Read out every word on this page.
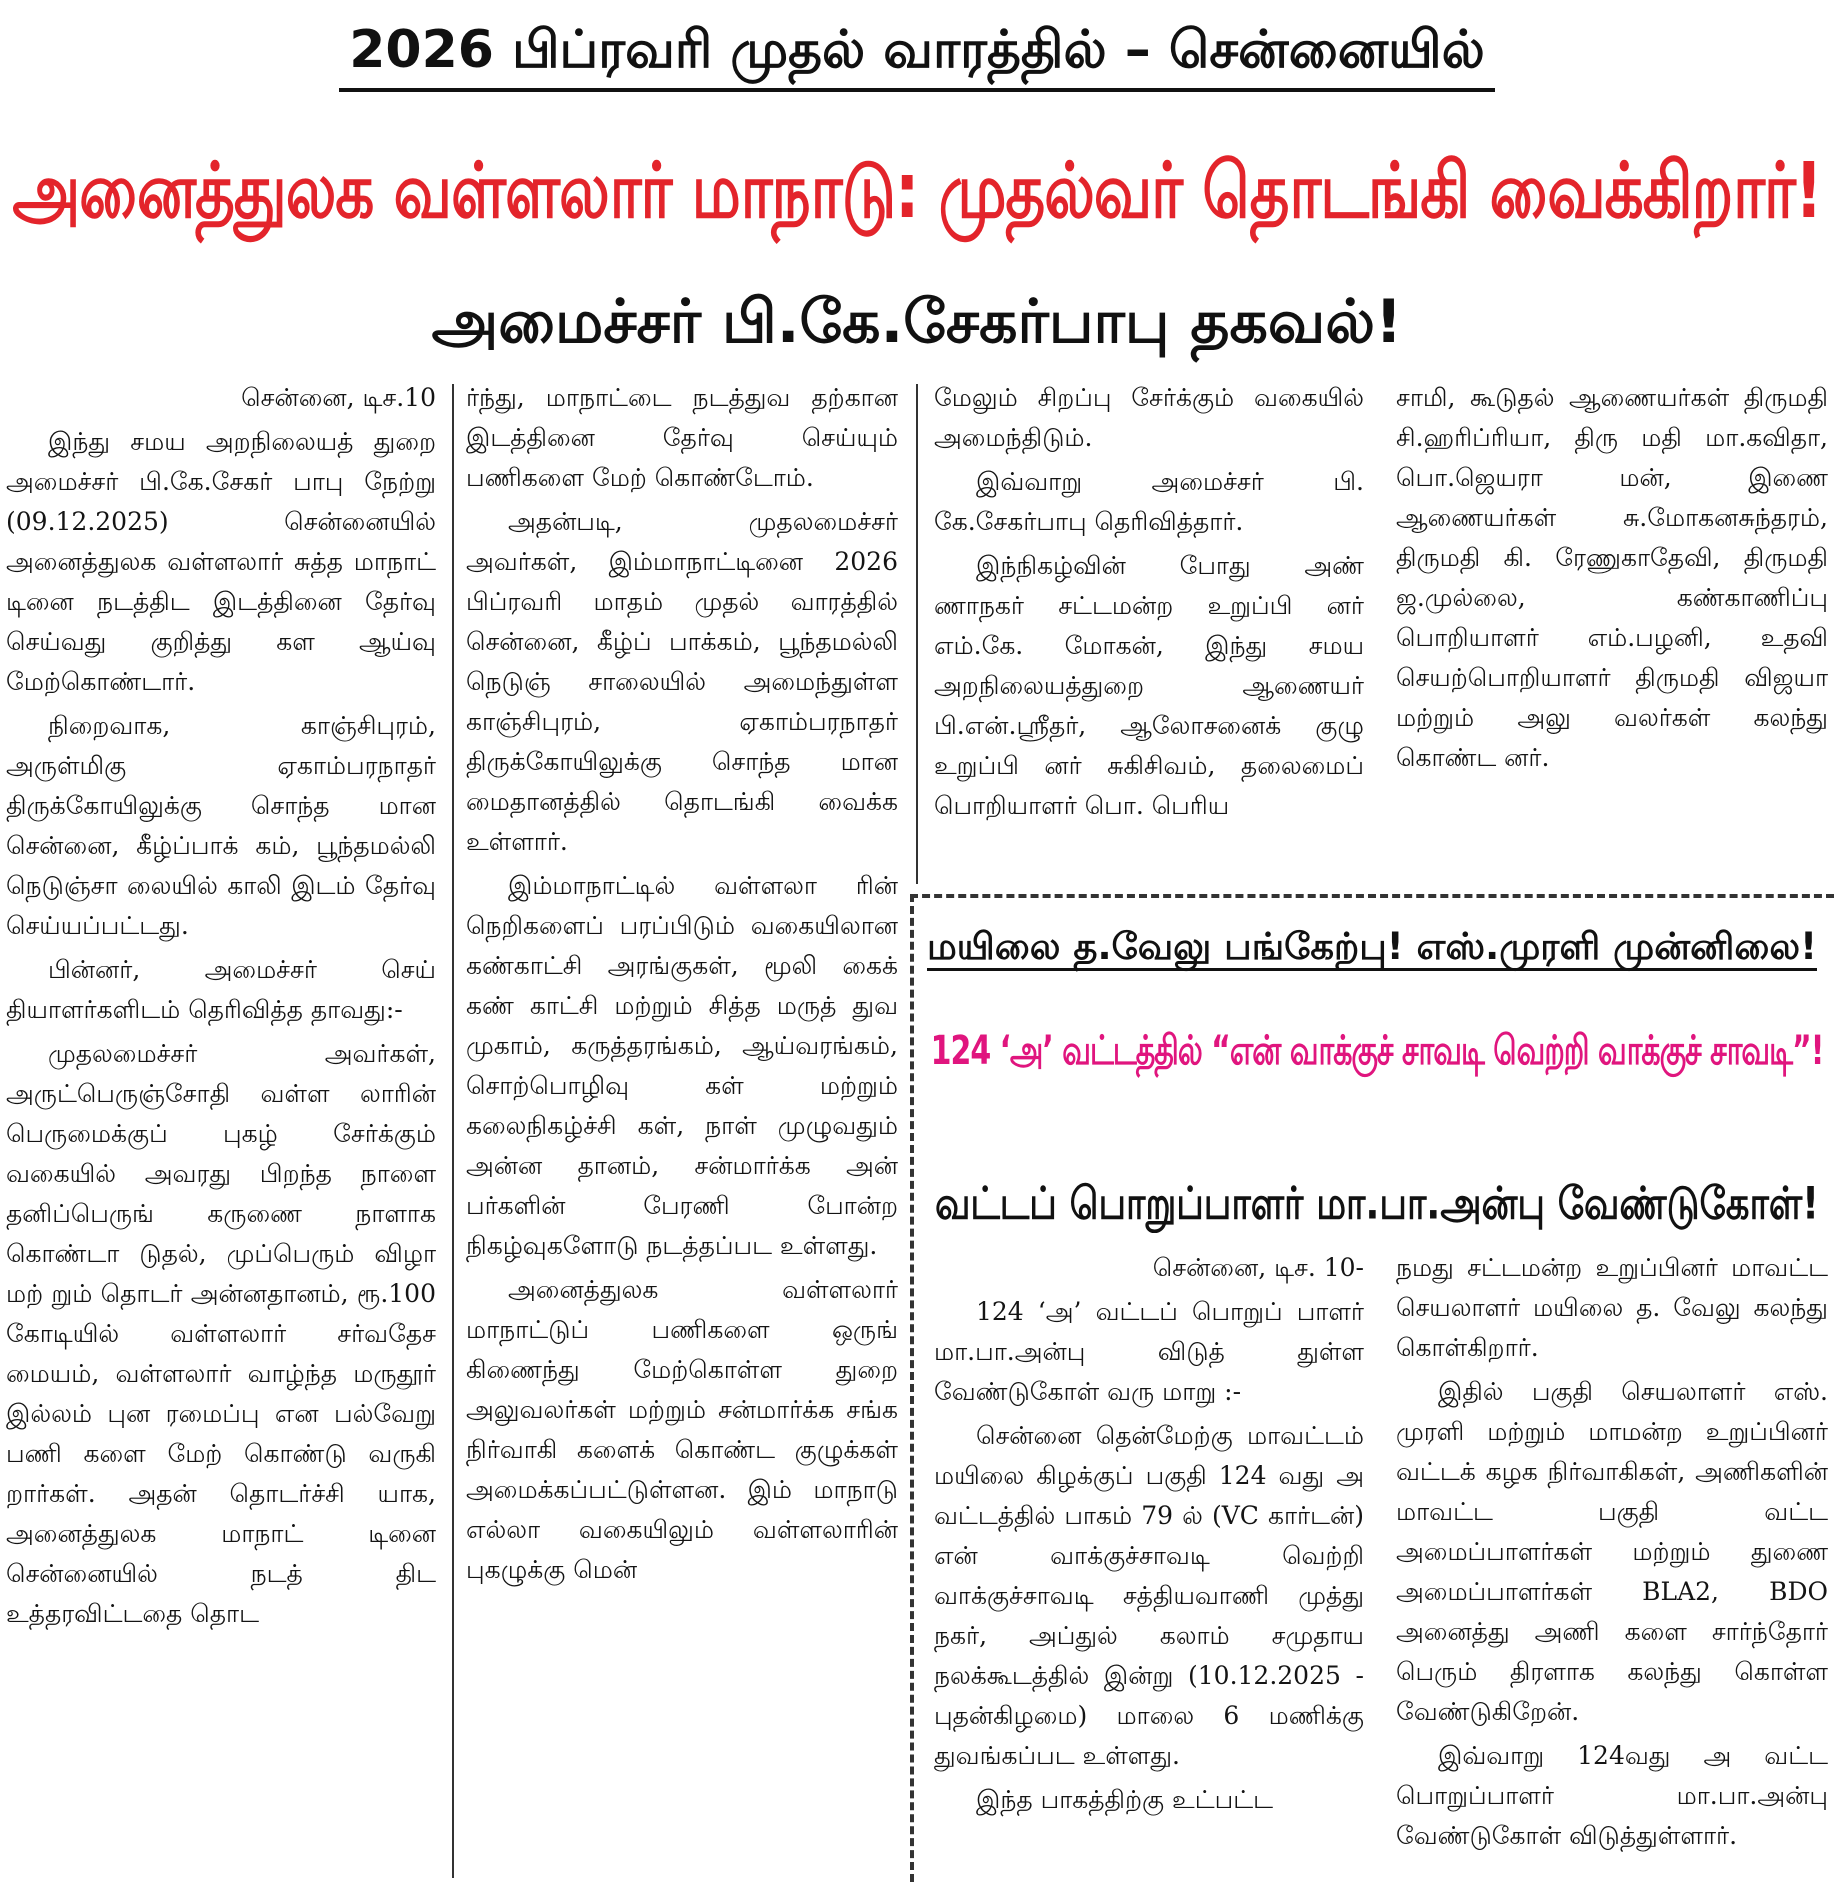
2026 பிப்ரவரி முதல் வாரத்தில் – சென்னையில்
அனைத்துலக வள்ளலார் மாநாடு: முதல்வர் தொடங்கி வைக்கிறார்!
அமைச்சர் பி.கே.சேகர்பாபு தகவல்!

சென்னை, டிச.10

இந்து சமய அறநிலையத் துறை அமைச்சர் பி.கே.சேகர் பாபு நேற்று (09.12.2025) சென்னையில் அனைத்துலக வள்ளலார் சுத்த மாநாட் டினை நடத்திட இடத்தினை தேர்வு செய்வது குறித்து கள ஆய்வு மேற்கொண்டார்.

நிறைவாக, காஞ்சிபுரம், அருள்மிகு ஏகாம்பரநாதர் திருக்கோயிலுக்கு சொந்த மான சென்னை, கீழ்ப்பாக் கம், பூந்தமல்லி நெடுஞ்சா லையில் காலி இடம் தேர்வு செய்யப்பட்டது.

பின்னர், அமைச்சர் செய் தியாளர்களிடம் தெரிவித்த தாவது:-

முதலமைச்சர் அவர்கள், அருட்பெருஞ்சோதி வள்ள லாரின் பெருமைக்குப் புகழ் சேர்க்கும் வகையில் அவரது பிறந்த நாளை தனிப்பெருங் கருணை நாளாக கொண்டா டுதல், முப்பெரும் விழா மற் றும் தொடர் அன்னதானம், ரூ.100 கோடியில் வள்ளலார் சர்வதேச மையம், வள்ளலார் வாழ்ந்த மருதூர் இல்லம் புன ரமைப்பு என பல்வேறு பணி களை மேற் கொண்டு வருகி றார்கள். அதன் தொடர்ச்சி யாக, அனைத்துலக மாநாட் டினை சென்னையில் நடத் திட உத்தரவிட்டதை தொட

ர்ந்து, மாநாட்டை நடத்துவ தற்கான இடத்தினை தேர்வு செய்யும் பணிகளை மேற் கொண்டோம்.

அதன்படி, முதலமைச்சர் அவர்கள், இம்மாநாட்டினை 2026 பிப்ரவரி மாதம் முதல் வாரத்தில் சென்னை, கீழ்ப் பாக்கம், பூந்தமல்லி நெடுஞ் சாலையில் அமைந்துள்ள காஞ்சிபுரம், ஏகாம்பரநாதர் திருக்கோயிலுக்கு சொந்த மான மைதானத்தில் தொடங்கி வைக்க உள்ளார்.

இம்மாநாட்டில் வள்ளலா ரின் நெறிகளைப் பரப்பிடும் வகையிலான கண்காட்சி அரங்குகள், மூலி கைக் கண் காட்சி மற்றும் சித்த மருத் துவ முகாம், கருத்தரங்கம், ஆய்வரங்கம், சொற்பொழிவு கள் மற்றும் கலைநிகழ்ச்சி கள், நாள் முழுவதும் அன்ன தானம், சன்மார்க்க அன் பர்களின் பேரணி போன்ற நிகழ்வுகளோடு நடத்தப்பட உள்ளது.

அனைத்துலக வள்ளலார் மாநாட்டுப் பணிகளை ஒருங் கிணைந்து மேற்கொள்ள துறை அலுவலர்கள் மற்றும் சன்மார்க்க சங்க நிர்வாகி களைக் கொண்ட குழுக்கள் அமைக்கப்பட்டுள்ளன. இம் மாநாடு எல்லா வகையிலும் வள்ளலாரின் புகழுக்கு மென்

மேலும் சிறப்பு சேர்க்கும் வகையில் அமைந்திடும்.

இவ்வாறு அமைச்சர் பி. கே.சேகர்பாபு தெரிவித்தார்.

இந்நிகழ்வின் போது அண் ணாநகர் சட்டமன்ற உறுப்பி னர் எம்.கே. மோகன், இந்து சமய அறநிலையத்துறை ஆணையர் பி.என்.ஸ்ரீதர், ஆலோசனைக் குழு உறுப்பி னர் சுகிசிவம், தலைமைப் பொறியாளர் பொ. பெரிய

சாமி, கூடுதல் ஆணையர்கள் திருமதி சி.ஹரிப்ரியா, திரு மதி மா.கவிதா, பொ.ஜெயரா மன், இணை ஆணையர்கள் சு.மோகனசுந்தரம், திருமதி கி. ரேணுகாதேவி, திருமதி ஜ.முல்லை, கண்காணிப்பு பொறியாளர் எம்.பழனி, உதவி செயற்பொறியாளர் திருமதி விஜயா மற்றும் அலு வலர்கள் கலந்து கொண்ட னர்.

மயிலை த.வேலு பங்கேற்பு! எஸ்.முரளி முன்னிலை!
124 ‘அ’ வட்டத்தில் “என் வாக்குச் சாவடி வெற்றி வாக்குச் சாவடி”!
வட்டப் பொறுப்பாளர் மா.பா.அன்பு வேண்டுகோள்!

சென்னை, டிச. 10-

124 ‘அ’ வட்டப் பொறுப் பாளர் மா.பா.அன்பு விடுத் துள்ள வேண்டுகோள் வரு மாறு :-

சென்னை தென்மேற்கு மாவட்டம் மயிலை கிழக்குப் பகுதி 124 வது அ வட்டத்தில் பாகம் 79 ல் (VC கார்டன்) என் வாக்குச்சாவடி வெற்றி வாக்குச்சாவடி சத்தியவாணி முத்து நகர், அப்துல் கலாம் சமுதாய நலக்கூடத்தில் இன்று (10.12.2025 - புதன்கிழமை) மாலை 6 மணிக்கு துவங்கப்பட உள்ளது.

இந்த பாகத்திற்கு உட்பட்ட

நமது சட்டமன்ற உறுப்பினர் மாவட்ட செயலாளர் மயிலை த. வேலு கலந்து கொள்கிறார்.

இதில் பகுதி செயலாளர் எஸ். முரளி மற்றும் மாமன்ற உறுப்பினர் வட்டக் கழக நிர்வாகிகள், அணிகளின் மாவட்ட பகுதி வட்ட அமைப்பாளர்கள் மற்றும் துணை அமைப்பாளர்கள் BLA2, BDO அனைத்து அணி களை சார்ந்தோர் பெரும் திரளாக கலந்து கொள்ள வேண்டுகிறேன்.

இவ்வாறு 124வது அ வட்ட பொறுப்பாளர் மா.பா.அன்பு வேண்டுகோள் விடுத்துள்ளார்.
